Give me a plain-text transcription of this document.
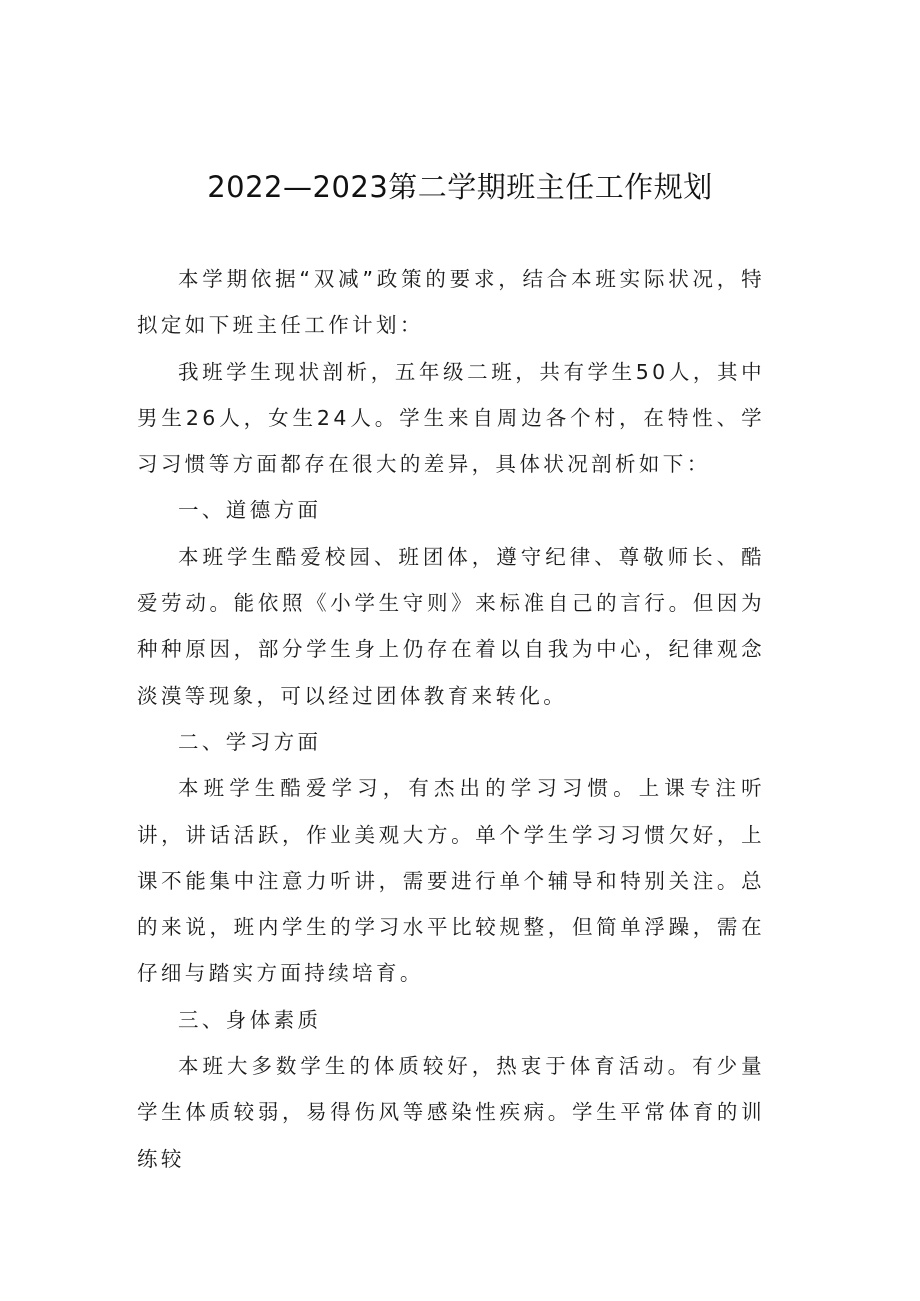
2022—2023第二学期班主任工作规划

本学期依据“双减”政策的要求，结合本班实际状况，特拟定如下班主任工作计划：

我班学生现状剖析，五年级二班，共有学生50人，其中男生26人，女生24人。学生来自周边各个村，在特性、学习习惯等方面都存在很大的差异，具体状况剖析如下：

一、道德方面

本班学生酷爱校园、班团体，遵守纪律、尊敬师长、酷爱劳动。能依照《小学生守则》来标准自己的言行。但因为种种原因，部分学生身上仍存在着以自我为中心，纪律观念淡漠等现象，可以经过团体教育来转化。

二、学习方面

本班学生酷爱学习，有杰出的学习习惯。上课专注听讲，讲话活跃，作业美观大方。单个学生学习习惯欠好，上课不能集中注意力听讲，需要进行单个辅导和特别关注。总的来说，班内学生的学习水平比较规整，但简单浮躁，需在仔细与踏实方面持续培育。

三、身体素质

本班大多数学生的体质较好，热衷于体育活动。有少量学生体质较弱，易得伤风等感染性疾病。学生平常体育的训练较
